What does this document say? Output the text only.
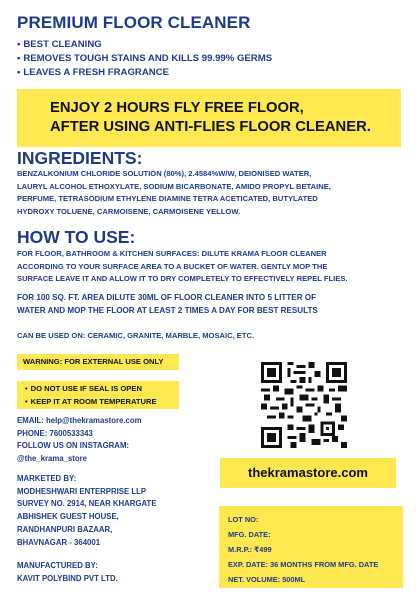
PREMIUM FLOOR CLEANER
• BEST CLEANING
• REMOVES TOUGH STAINS AND KILLS 99.99% GERMS
• LEAVES A FRESH FRAGRANCE
ENJOY 2 HOURS FLY FREE FLOOR,
AFTER USING ANTI-FLIES FLOOR CLEANER.
INGREDIENTS:
BENZALKONIUM CHLORIDE SOLUTION (80%), 2.4584%W/W, DEIONISED WATER,
LAURYL ALCOHOL ETHOXYLATE, SODIUM BICARBONATE, AMIDO PROPYL BETAINE,
PERFUME, TETRASODIUM ETHYLENE DIAMINE TETRA ACETICATED, BUTYLATED
HYDROXY TOLUENE, CARMOISENE, CARMOISENE YELLOW.
HOW TO USE:
FOR FLOOR, BATHROOM & KITCHEN SURFACES: DILUTE KRAMA FLOOR CLEANER
ACCORDING TO YOUR SURFACE AREA TO A BUCKET OF WATER. GENTLY MOP THE
SURFACE LEAVE IT AND ALLOW IT TO DRY COMPLETELY TO EFFECTIVELY REPEL FLIES.
FOR 100 SQ. FT. AREA DILUTE 30ML OF FLOOR CLEANER INTO 5 LITTER OF
WATER AND MOP THE FLOOR AT LEAST 2 TIMES A DAY FOR BEST RESULTS
CAN BE USED ON: CERAMIC, GRANITE, MARBLE, MOSAIC, ETC.
WARNING: FOR EXTERNAL USE ONLY
• DO NOT USE IF SEAL IS OPEN
• KEEP IT AT ROOM TEMPERATURE
EMAIL: help@thekramastore.com
PHONE: 7600533343
FOLLOW US ON INSTAGRAM:
@the_krama_store
MARKETED BY:
MODHESHWARI ENTERPRISE LLP
SURVEY NO. 2914, NEAR KHARGATE
ABHISHEK GUEST HOUSE,
RANDHANPURI BAZAAR,
BHAVNAGAR - 364001
MANUFACTURED BY:
KAVIT POLYBIND PVT LTD.
thekramastore.com
LOT NO:
MFG. DATE:
M.R.P.: ₹499
EXP. DATE: 36 MONTHS FROM MFG. DATE
NET. VOLUME: 500ML
